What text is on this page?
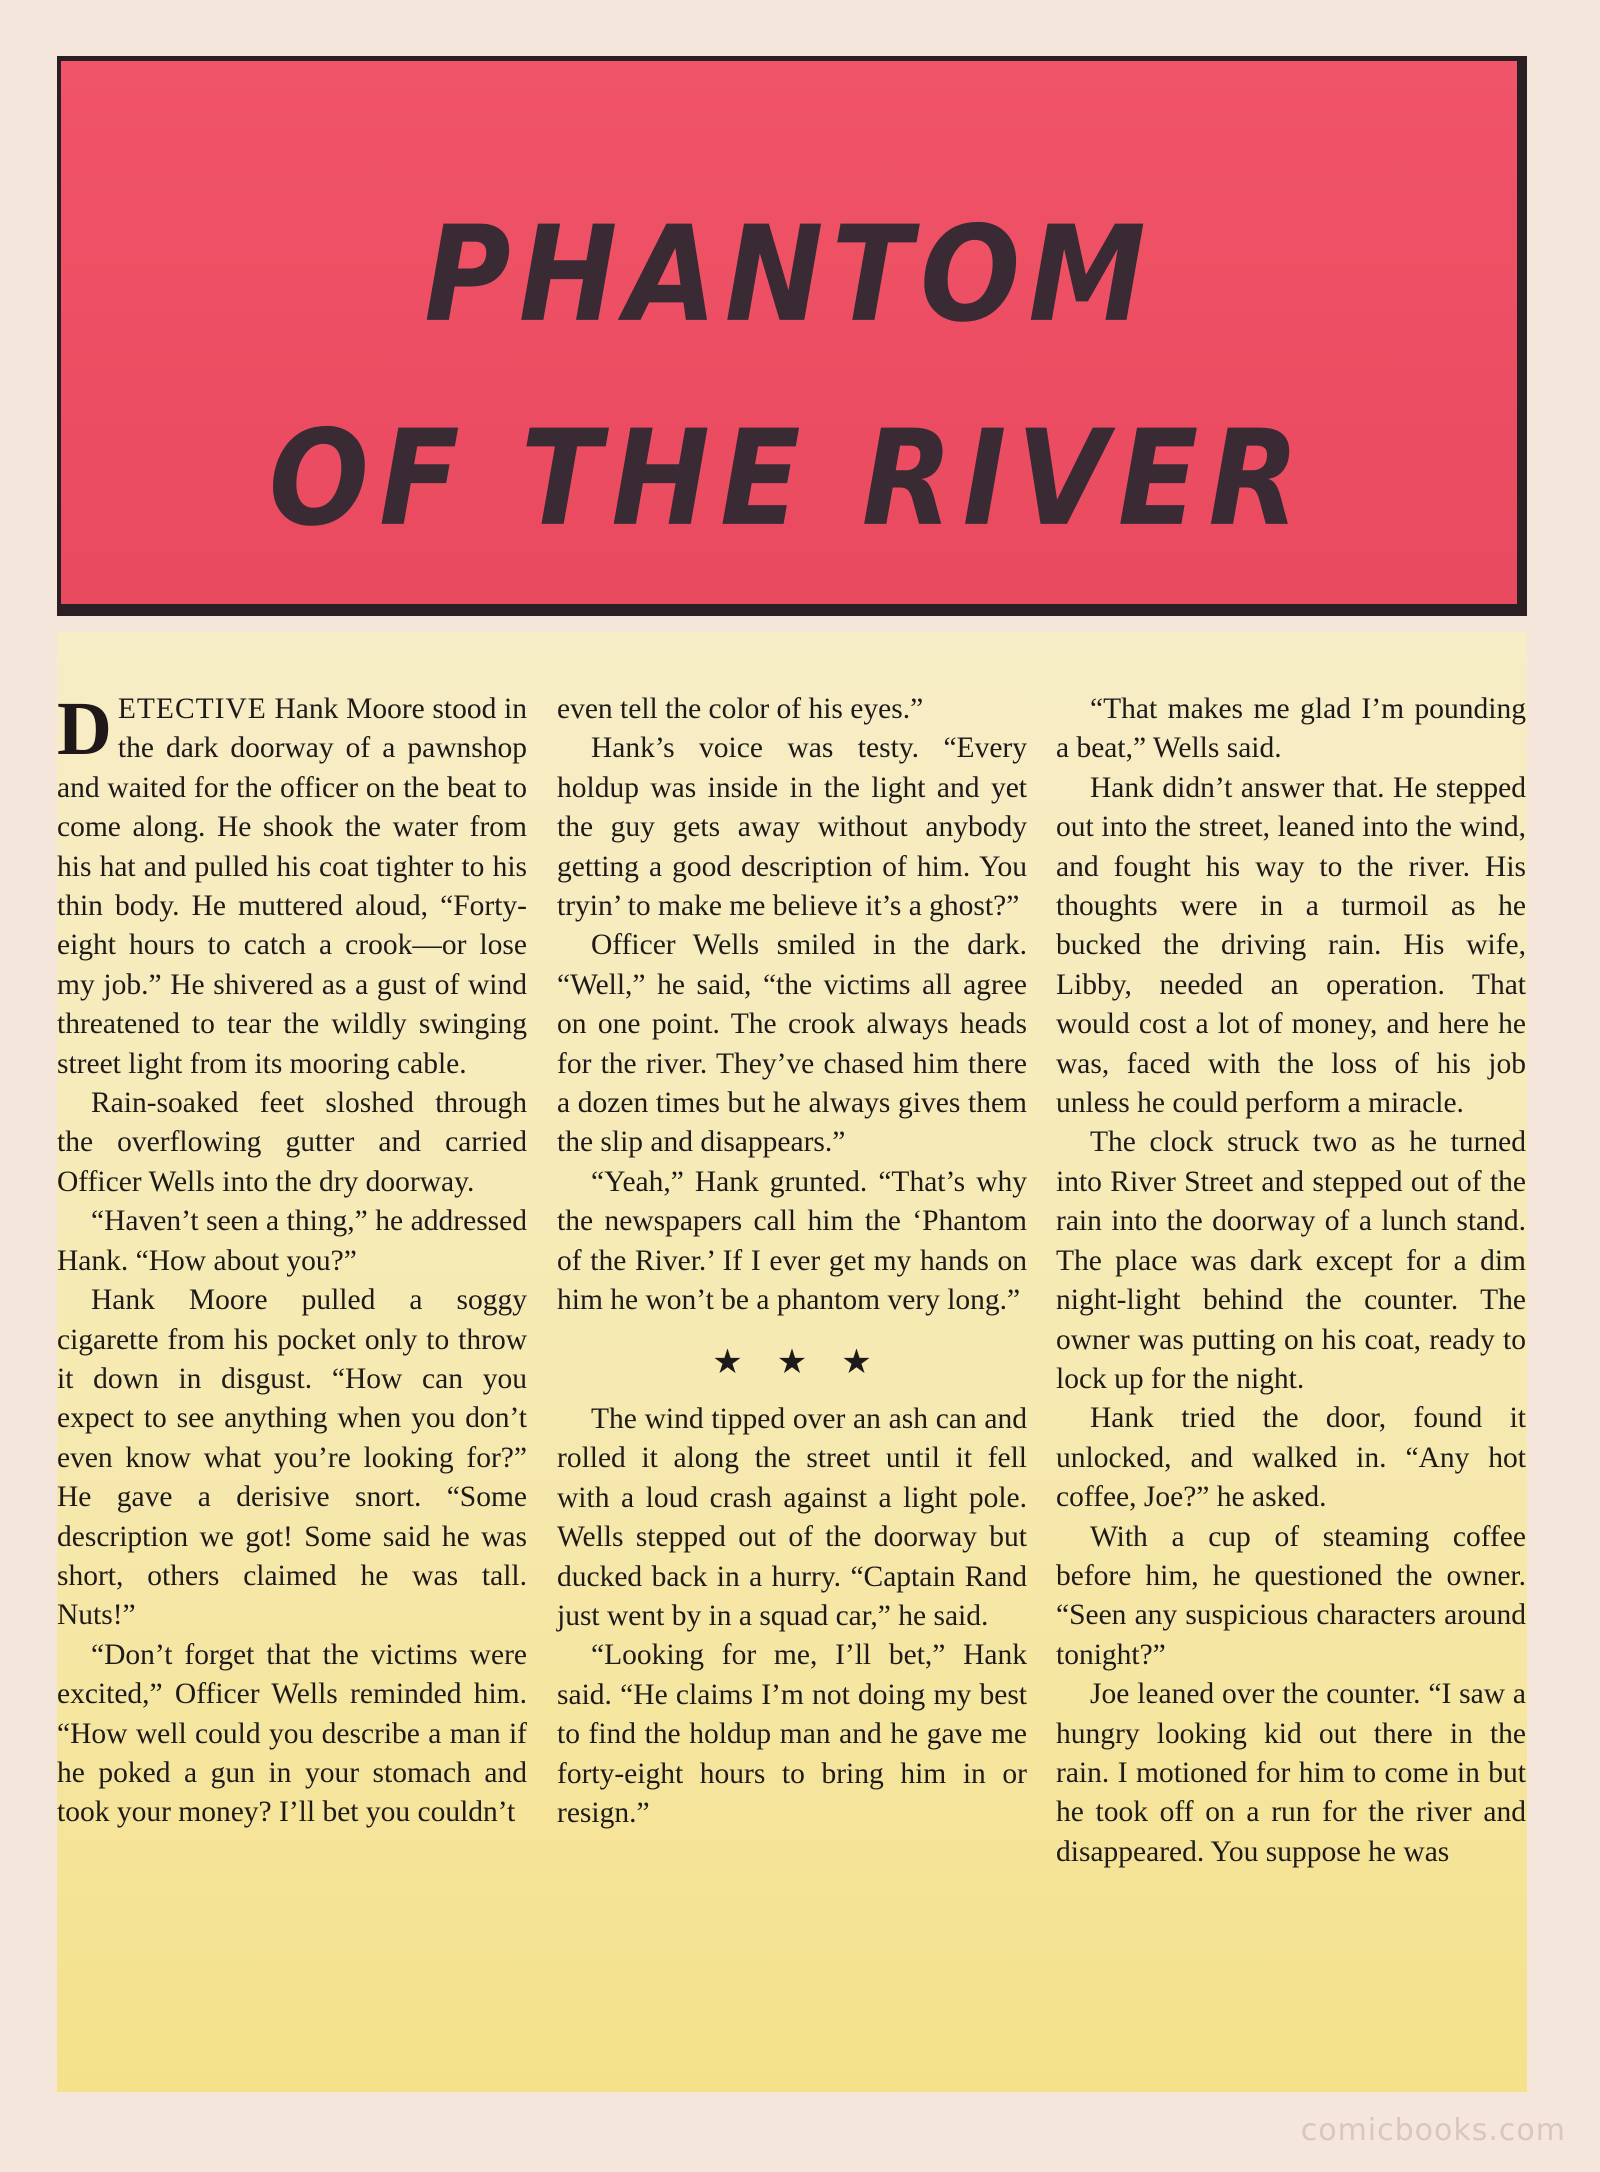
PHANTOM
OF THE RIVER

DETECTIVE Hank Moore stood in the dark doorway of a pawnshop and waited for the officer on the beat to come along. He shook the water from his hat and pulled his coat tighter to his thin body. He muttered aloud, “Forty-eight hours to catch a crook—or lose my job.” He shivered as a gust of wind threatened to tear the wildly swinging street light from its mooring cable.

Rain-soaked feet sloshed through the overflowing gutter and carried Officer Wells into the dry doorway.

“Haven’t seen a thing,” he addressed Hank. “How about you?”

Hank Moore pulled a soggy cigarette from his pocket only to throw it down in disgust. “How can you expect to see anything when you don’t even know what you’re looking for?” He gave a derisive snort. “Some description we got! Some said he was short, others claimed he was tall. Nuts!”

“Don’t forget that the victims were excited,” Officer Wells reminded him. “How well could you describe a man if he poked a gun in your stomach and took your money? I’ll bet you couldn’t

even tell the color of his eyes.”

Hank’s voice was testy. “Every holdup was inside in the light and yet the guy gets away without anybody getting a good description of him. You tryin’ to make me believe it’s a ghost?”

Officer Wells smiled in the dark. “Well,” he said, “the victims all agree on one point. The crook always heads for the river. They’ve chased him there a dozen times but he always gives them the slip and disappears.”

“Yeah,” Hank grunted. “That’s why the newspapers call him the ‘Phantom of the River.’ If I ever get my hands on him he won’t be a phantom very long.”

★★★

The wind tipped over an ash can and rolled it along the street until it fell with a loud crash against a light pole. Wells stepped out of the doorway but ducked back in a hurry. “Captain Rand just went by in a squad car,” he said.

“Looking for me, I’ll bet,” Hank said. “He claims I’m not doing my best to find the holdup man and he gave me forty-eight hours to bring him in or resign.”

“That makes me glad I’m pounding a beat,” Wells said.

Hank didn’t answer that. He stepped out into the street, leaned into the wind, and fought his way to the river. His thoughts were in a turmoil as he bucked the driving rain. His wife, Libby, needed an operation. That would cost a lot of money, and here he was, faced with the loss of his job unless he could perform a miracle.

The clock struck two as he turned into River Street and stepped out of the rain into the doorway of a lunch stand. The place was dark except for a dim night-light behind the counter. The owner was putting on his coat, ready to lock up for the night.

Hank tried the door, found it unlocked, and walked in. “Any hot coffee, Joe?” he asked.

With a cup of steaming coffee before him, he questioned the owner. “Seen any suspicious characters around tonight?”

Joe leaned over the counter. “I saw a hungry looking kid out there in the rain. I motioned for him to come in but he took off on a run for the river and disappeared. You suppose he was

comicbooks.com
